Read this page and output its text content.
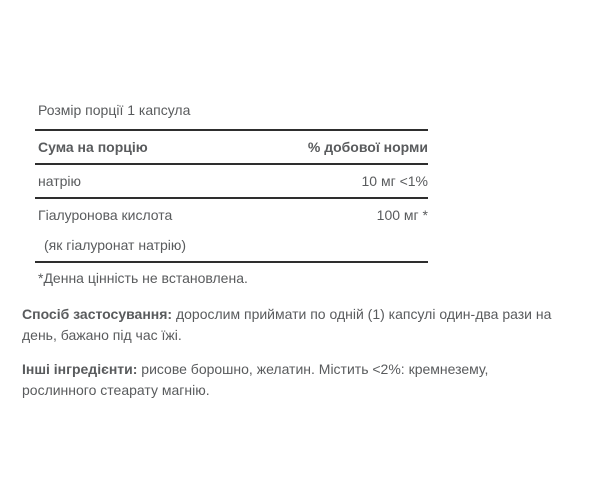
Розмір порції 1 капсула
Сума на порцію	% добової норми
натрію	10 мг <1%
Гіалуронова кислота
(як гіалуронат натрію)
100 мг *
*Денна цінність не встановлена.
Спосіб застосування: дорослим приймати по одній (1) капсулі один-два рази на
день, бажано під час їжі.
Інші інгредієнти: рисове борошно, желатин. Містить <2%: кремнезему,
рослинного стеарату магнію.
